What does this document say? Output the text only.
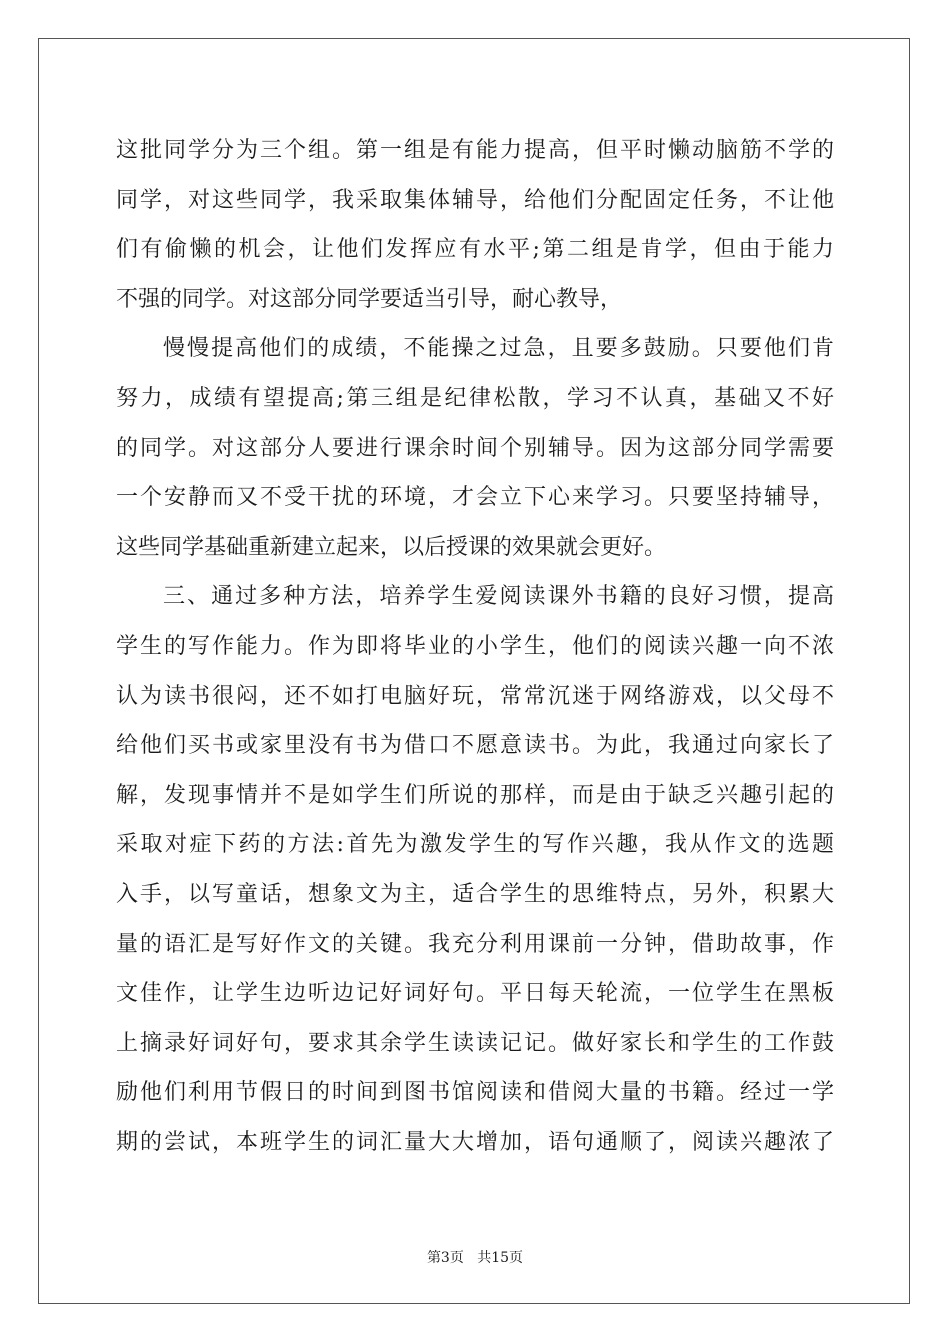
这批同学分为三个组。第一组是有能力提高，但平时懒动脑筋不学的
同学，对这些同学，我采取集体辅导，给他们分配固定任务，不让他
们有偷懒的机会，让他们发挥应有水平;第二组是肯学，但由于能力
不强的同学。对这部分同学要适当引导，耐心教导，
慢慢提高他们的成绩，不能操之过急，且要多鼓励。只要他们肯
努力，成绩有望提高;第三组是纪律松散，学习不认真，基础又不好
的同学。对这部分人要进行课余时间个别辅导。因为这部分同学需要
一个安静而又不受干扰的环境，才会立下心来学习。只要坚持辅导，
这些同学基础重新建立起来，以后授课的效果就会更好。
三、通过多种方法，培养学生爱阅读课外书籍的良好习惯，提高
学生的写作能力。作为即将毕业的小学生，他们的阅读兴趣一向不浓
认为读书很闷，还不如打电脑好玩，常常沉迷于网络游戏，以父母不
给他们买书或家里没有书为借口不愿意读书。为此，我通过向家长了
解，发现事情并不是如学生们所说的那样，而是由于缺乏兴趣引起的
采取对症下药的方法:首先为激发学生的写作兴趣，我从作文的选题
入手，以写童话，想象文为主，适合学生的思维特点，另外，积累大
量的语汇是写好作文的关键。我充分利用课前一分钟，借助故事，作
文佳作，让学生边听边记好词好句。平日每天轮流，一位学生在黑板
上摘录好词好句，要求其余学生读读记记。做好家长和学生的工作鼓
励他们利用节假日的时间到图书馆阅读和借阅大量的书籍。经过一学
期的尝试，本班学生的词汇量大大增加，语句通顺了，阅读兴趣浓了
第3页 共15页
